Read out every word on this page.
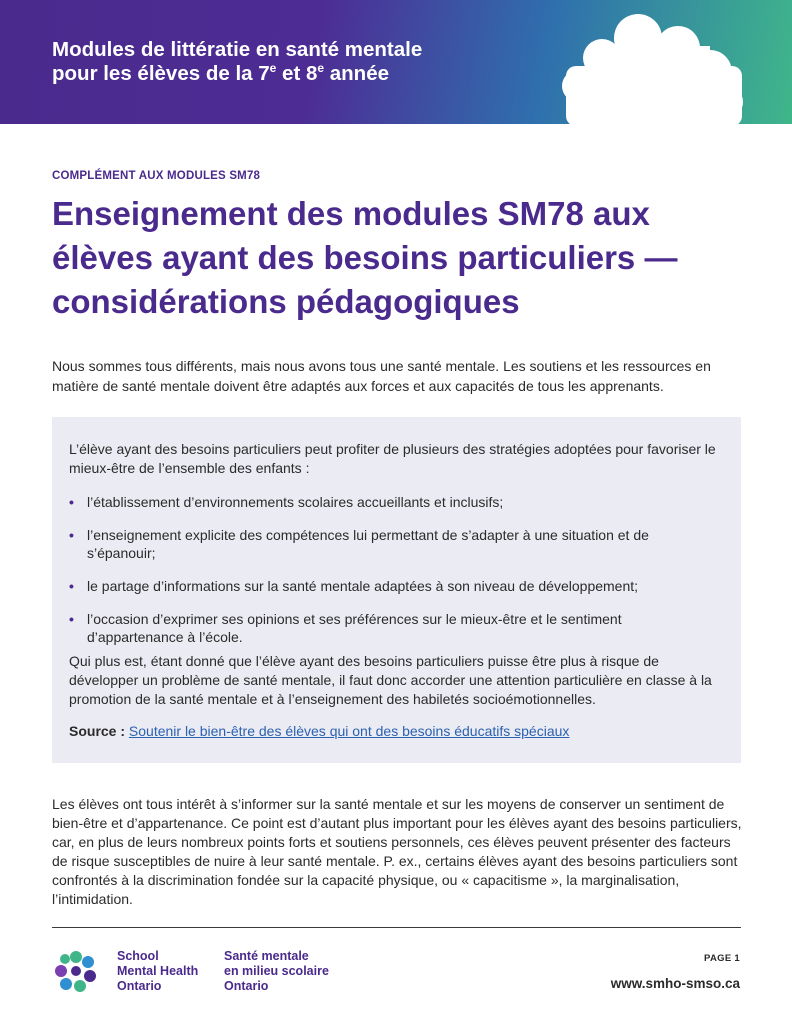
Modules de littératie en santé mentale
pour les élèves de la 7e et 8e année
COMPLÉMENT AUX MODULES SM78
Enseignement des modules SM78 aux élèves ayant des besoins particuliers — considérations pédagogiques

Nous sommes tous différents, mais nous avons tous une santé mentale. Les soutiens et les ressources en matière de santé mentale doivent être adaptés aux forces et aux capacités de tous les apprenants.

L’élève ayant des besoins particuliers peut profiter de plusieurs des stratégies adoptées pour favoriser le mieux-être de l’ensemble des enfants :

• l’établissement d’environnements scolaires accueillants et inclusifs;
• l’enseignement explicite des compétences lui permettant de s’adapter à une situation et de s’épanouir;
• le partage d’informations sur la santé mentale adaptées à son niveau de développement;
• l’occasion d’exprimer ses opinions et ses préférences sur le mieux-être et le sentiment d’appartenance à l’école.

Qui plus est, étant donné que l’élève ayant des besoins particuliers puisse être plus à risque de développer un problème de santé mentale, il faut donc accorder une attention particulière en classe à la promotion de la santé mentale et à l’enseignement des habiletés socioémotionnelles.

Source : Soutenir le bien-être des élèves qui ont des besoins éducatifs spéciaux

Les élèves ont tous intérêt à s’informer sur la santé mentale et sur les moyens de conserver un sentiment de bien-être et d’appartenance. Ce point est d’autant plus important pour les élèves ayant des besoins particuliers, car, en plus de leurs nombreux points forts et soutiens personnels, ces élèves peuvent présenter des facteurs de risque susceptibles de nuire à leur santé mentale. P. ex., certains élèves ayant des besoins particuliers sont confrontés à la discrimination fondée sur la capacité physique, ou « capacitisme », la marginalisation, l’intimidation.

School
Mental Health
Ontario
Santé mentale
en milieu scolaire
Ontario
PAGE 1
www.smho-smso.ca
